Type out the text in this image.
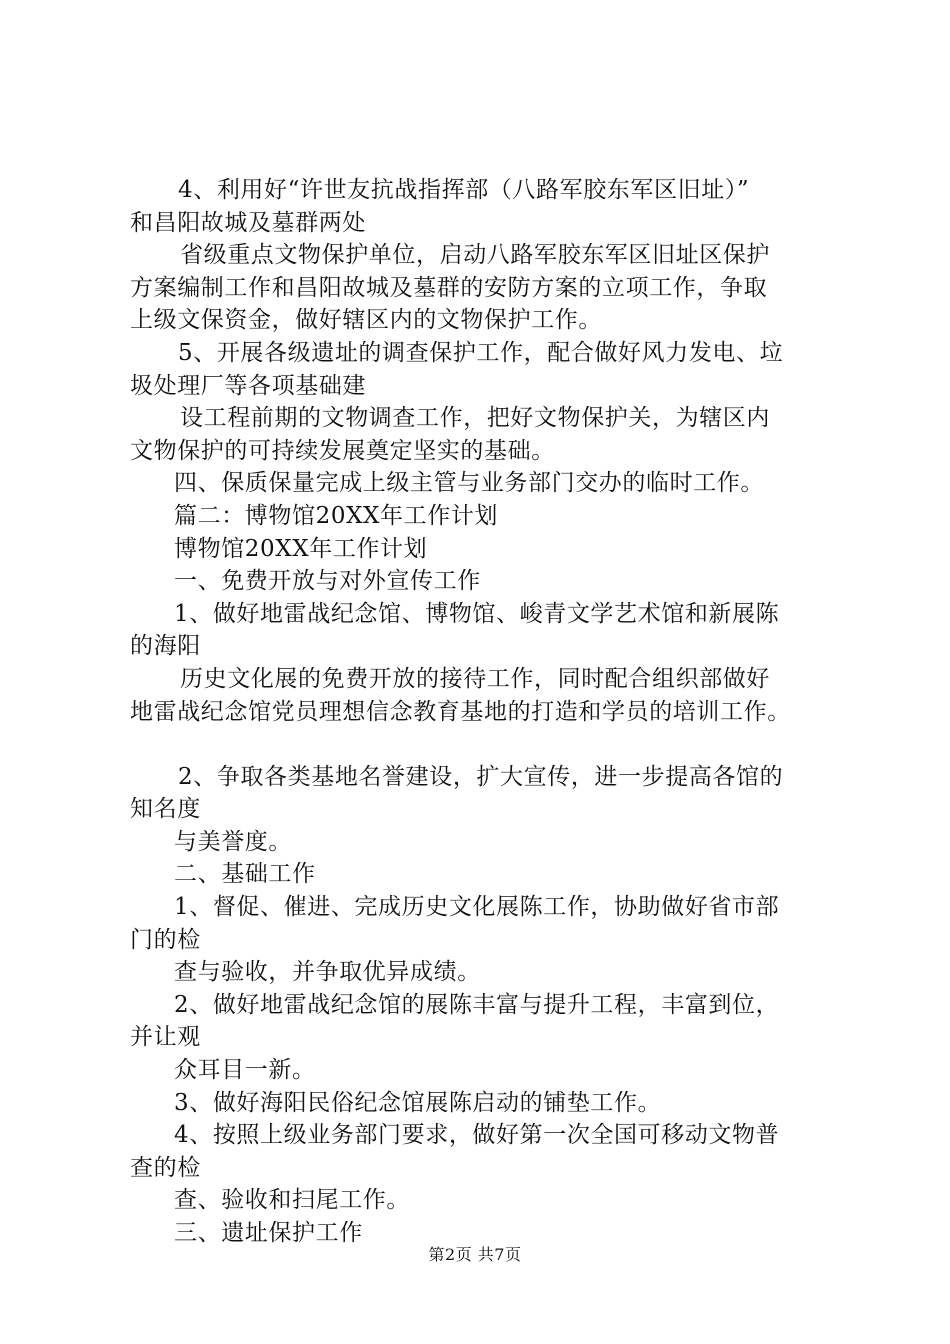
4、利用好“许世友抗战指挥部（八路军胶东军区旧址）”
和昌阳故城及墓群两处
省级重点文物保护单位，启动八路军胶东军区旧址区保护
方案编制工作和昌阳故城及墓群的安防方案的立项工作，争取
上级文保资金，做好辖区内的文物保护工作。
5、开展各级遗址的调查保护工作，配合做好风力发电、垃
圾处理厂等各项基础建
设工程前期的文物调查工作，把好文物保护关，为辖区内
文物保护的可持续发展奠定坚实的基础。
四、保质保量完成上级主管与业务部门交办的临时工作。
篇二：博物馆20XX年工作计划
博物馆20XX年工作计划
一、免费开放与对外宣传工作
1、做好地雷战纪念馆、博物馆、峻青文学艺术馆和新展陈
的海阳
历史文化展的免费开放的接待工作，同时配合组织部做好
地雷战纪念馆党员理想信念教育基地的打造和学员的培训工作。
2、争取各类基地名誉建设，扩大宣传，进一步提高各馆的
知名度
与美誉度。
二、基础工作
1、督促、催进、完成历史文化展陈工作，协助做好省市部
门的检
查与验收，并争取优异成绩。
2、做好地雷战纪念馆的展陈丰富与提升工程，丰富到位，
并让观
众耳目一新。
3、做好海阳民俗纪念馆展陈启动的铺垫工作。
4、按照上级业务部门要求，做好第一次全国可移动文物普
查的检
查、验收和扫尾工作。
三、遗址保护工作
第2页 共7页
